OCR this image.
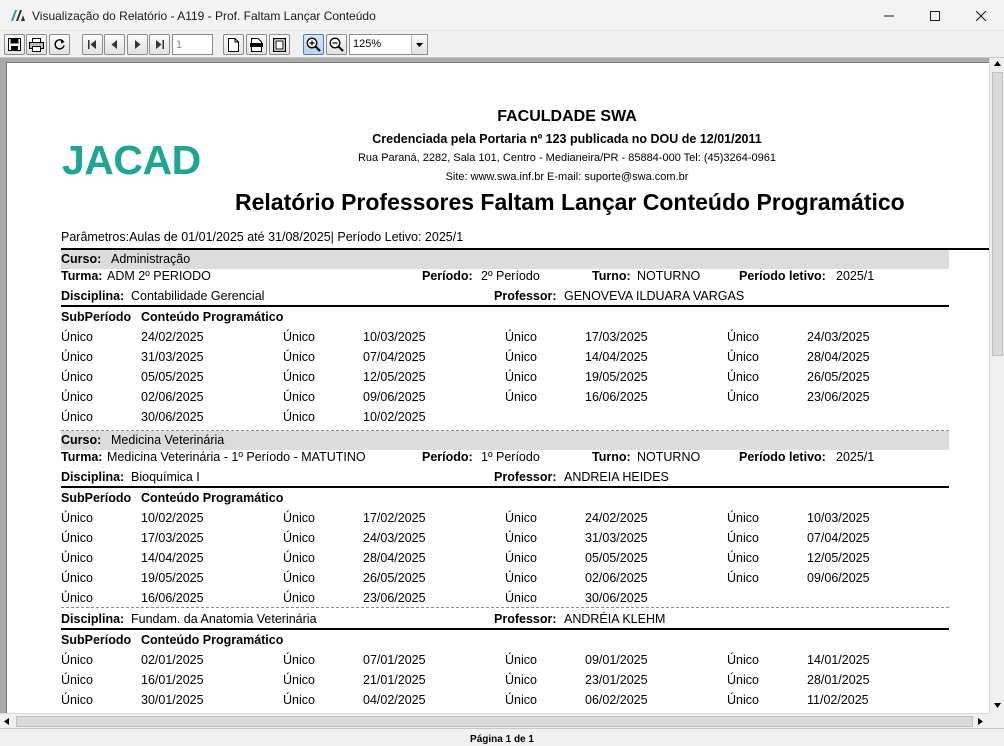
Visualização do Relatório - A119 - Prof. Faltam Lançar Conteúdo
1
125%
JACAD
FACULDADE SWA
Credenciada pela Portaria nº 123 publicada no DOU de 12/01/2011
Rua Paraná, 2282, Sala 101, Centro - Medianeira/PR - 85884-000 Tel: (45)3264-0961
Site: www.swa.inf.br E-mail: suporte@swa.com.br
Relatório Professores Faltam Lançar Conteúdo Programático
Parâmetros:Aulas de 01/01/2025 até 31/08/2025| Período Letivo: 2025/1
Curso: Administração
Turma: ADM 2º PERIODO	Período: 2º Período	Turno: NOTURNO	Período letivo: 2025/1
Disciplina: Contabilidade Gerencial	Professor: GENOVEVA ILDUARA VARGAS
SubPeríodo Conteúdo Programático
Único	24/02/2025	Único	10/03/2025	Único	17/03/2025	Único	24/03/2025
Único	31/03/2025	Único	07/04/2025	Único	14/04/2025	Único	28/04/2025
Único	05/05/2025	Único	12/05/2025	Único	19/05/2025	Único	26/05/2025
Único	02/06/2025	Único	09/06/2025	Único	16/06/2025	Único	23/06/2025
Único	30/06/2025	Único	10/02/2025
Curso: Medicina Veterinária
Turma: Medicina Veterinária - 1º Período - MATUTINO	Período: 1º Período	Turno: NOTURNO	Período letivo: 2025/1
Disciplina: Bioquímica I	Professor: ANDREIA HEIDES
SubPeríodo Conteúdo Programático
Único	10/02/2025	Único	17/02/2025	Único	24/02/2025	Único	10/03/2025
Único	17/03/2025	Único	24/03/2025	Único	31/03/2025	Único	07/04/2025
Único	14/04/2025	Único	28/04/2025	Único	05/05/2025	Único	12/05/2025
Único	19/05/2025	Único	26/05/2025	Único	02/06/2025	Único	09/06/2025
Único	16/06/2025	Único	23/06/2025	Único	30/06/2025
Disciplina: Fundam. da Anatomia Veterinária	Professor: ANDRÉIA KLEHM
SubPeríodo Conteúdo Programático
Único	02/01/2025	Único	07/01/2025	Único	09/01/2025	Único	14/01/2025
Único	16/01/2025	Único	21/01/2025	Único	23/01/2025	Único	28/01/2025
Único	30/01/2025	Único	04/02/2025	Único	06/02/2025	Único	11/02/2025
Página 1 de 1
